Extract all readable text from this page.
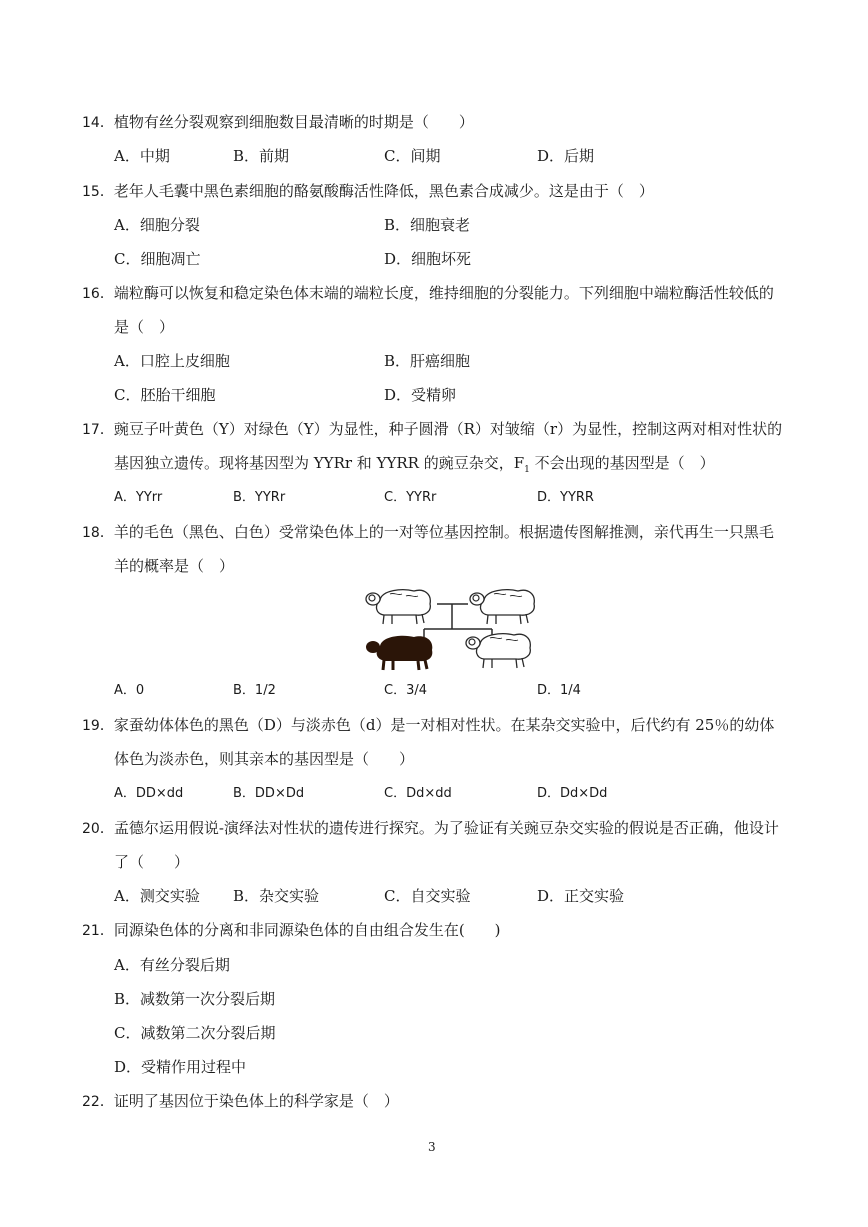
14．植物有丝分裂观察到细胞数目最清晰的时期是（　　）
A．中期	B．前期	C．间期	D．后期
15．老年人毛囊中黑色素细胞的酪氨酸酶活性降低，黑色素合成减少。这是由于（　）
A．细胞分裂	B．细胞衰老
C．细胞凋亡	D．细胞坏死
16．端粒酶可以恢复和稳定染色体末端的端粒长度，维持细胞的分裂能力。下列细胞中端粒酶活性较低的
是（　）
A．口腔上皮细胞	B．肝癌细胞
C．胚胎干细胞	D．受精卵
17．豌豆子叶黄色（Y）对绿色（Y）为显性，种子圆滑（R）对皱缩（r）为显性，控制这两对相对性状的
基因独立遗传。现将基因型为 YYRr 和 YYRR 的豌豆杂交，$F_1$ 不会出现的基因型是（　）
A．YYrr	B．YYRr	C．YYRr	D．YYRR
18．羊的毛色（黑色、白色）受常染色体上的一对等位基因控制。根据遗传图解推测，亲代再生一只黑毛
羊的概率是（　）
A．0	B．1/2	C．3/4	D．1/4
19．家蚕幼体体色的黑色（D）与淡赤色（d）是一对相对性状。在某杂交实验中，后代约有 25％的幼体
体色为淡赤色，则其亲本的基因型是（　　）
A．DD×dd	B．DD×Dd	C．Dd×dd	D．Dd×Dd
20．孟德尔运用假说-演绎法对性状的遗传进行探究。为了验证有关豌豆杂交实验的假说是否正确，他设计
了（　　）
A．测交实验 B．杂交实验	C．自交实验	D．正交实验
21．同源染色体的分离和非同源染色体的自由组合发生在(　　)
A．有丝分裂后期
B．减数第一次分裂后期
C．减数第二次分裂后期
D．受精作用过程中
22．证明了基因位于染色体上的科学家是（　）
3
